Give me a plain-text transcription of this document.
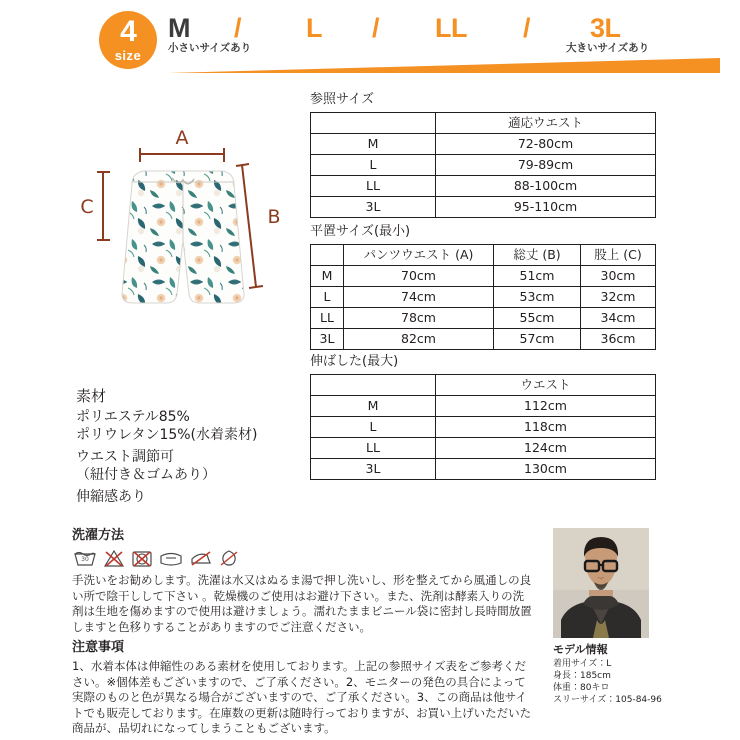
4
size
M / L / LL / 3L
小さいサイズあり	大きいサイズあり
A
B
C
参照サイズ
	適応ウエスト
M	72-80cm
L	79-89cm
LL	88-100cm
3L	95-110cm
平置サイズ(最小)
	パンツウエスト (A)	総丈 (B)	股上 (C)
M	70cm	51cm	30cm
L	74cm	53cm	32cm
LL	78cm	55cm	34cm
3L	82cm	57cm	36cm
伸ばした(最大)
	ウエスト
M	112cm
L	118cm
LL	124cm
3L	130cm
素材

ポリエステル85%

ポリウレタン15%(水着素材)

ウエスト調節可

（紐付き＆ゴムあり）

伸縮感あり

洗濯方法
30

手洗いをお勧めします。洗濯は水又はぬるま湯で押し洗いし、形を整えてから風通しの良い所で陰干しして下さい 。乾燥機のご使用はお避け下さい。また、洗剤は酵素入りの洗剤は生地を傷めますので使用は避けましょう。濡れたままビニール袋に密封し長時間放置しますと色移りすることがありますのでご注意ください。

注意事項

1、水着本体は伸縮性のある素材を使用しております。上記の参照サイズ表をご参考ください。※個体差もございますので、ご了承ください。2、モニターの発色の具合によって実際のものと色が異なる場合がございますので、ご了承ください。3、この商品は他サイトでも販売しております。在庫数の更新は随時行っておりますが、お買い上げいただいた商品が、品切れになってしまうこともございます。

モデル情報

着用サイズ：L

身長：185cm

体重：80キロ

スリーサイズ：105-84-96
